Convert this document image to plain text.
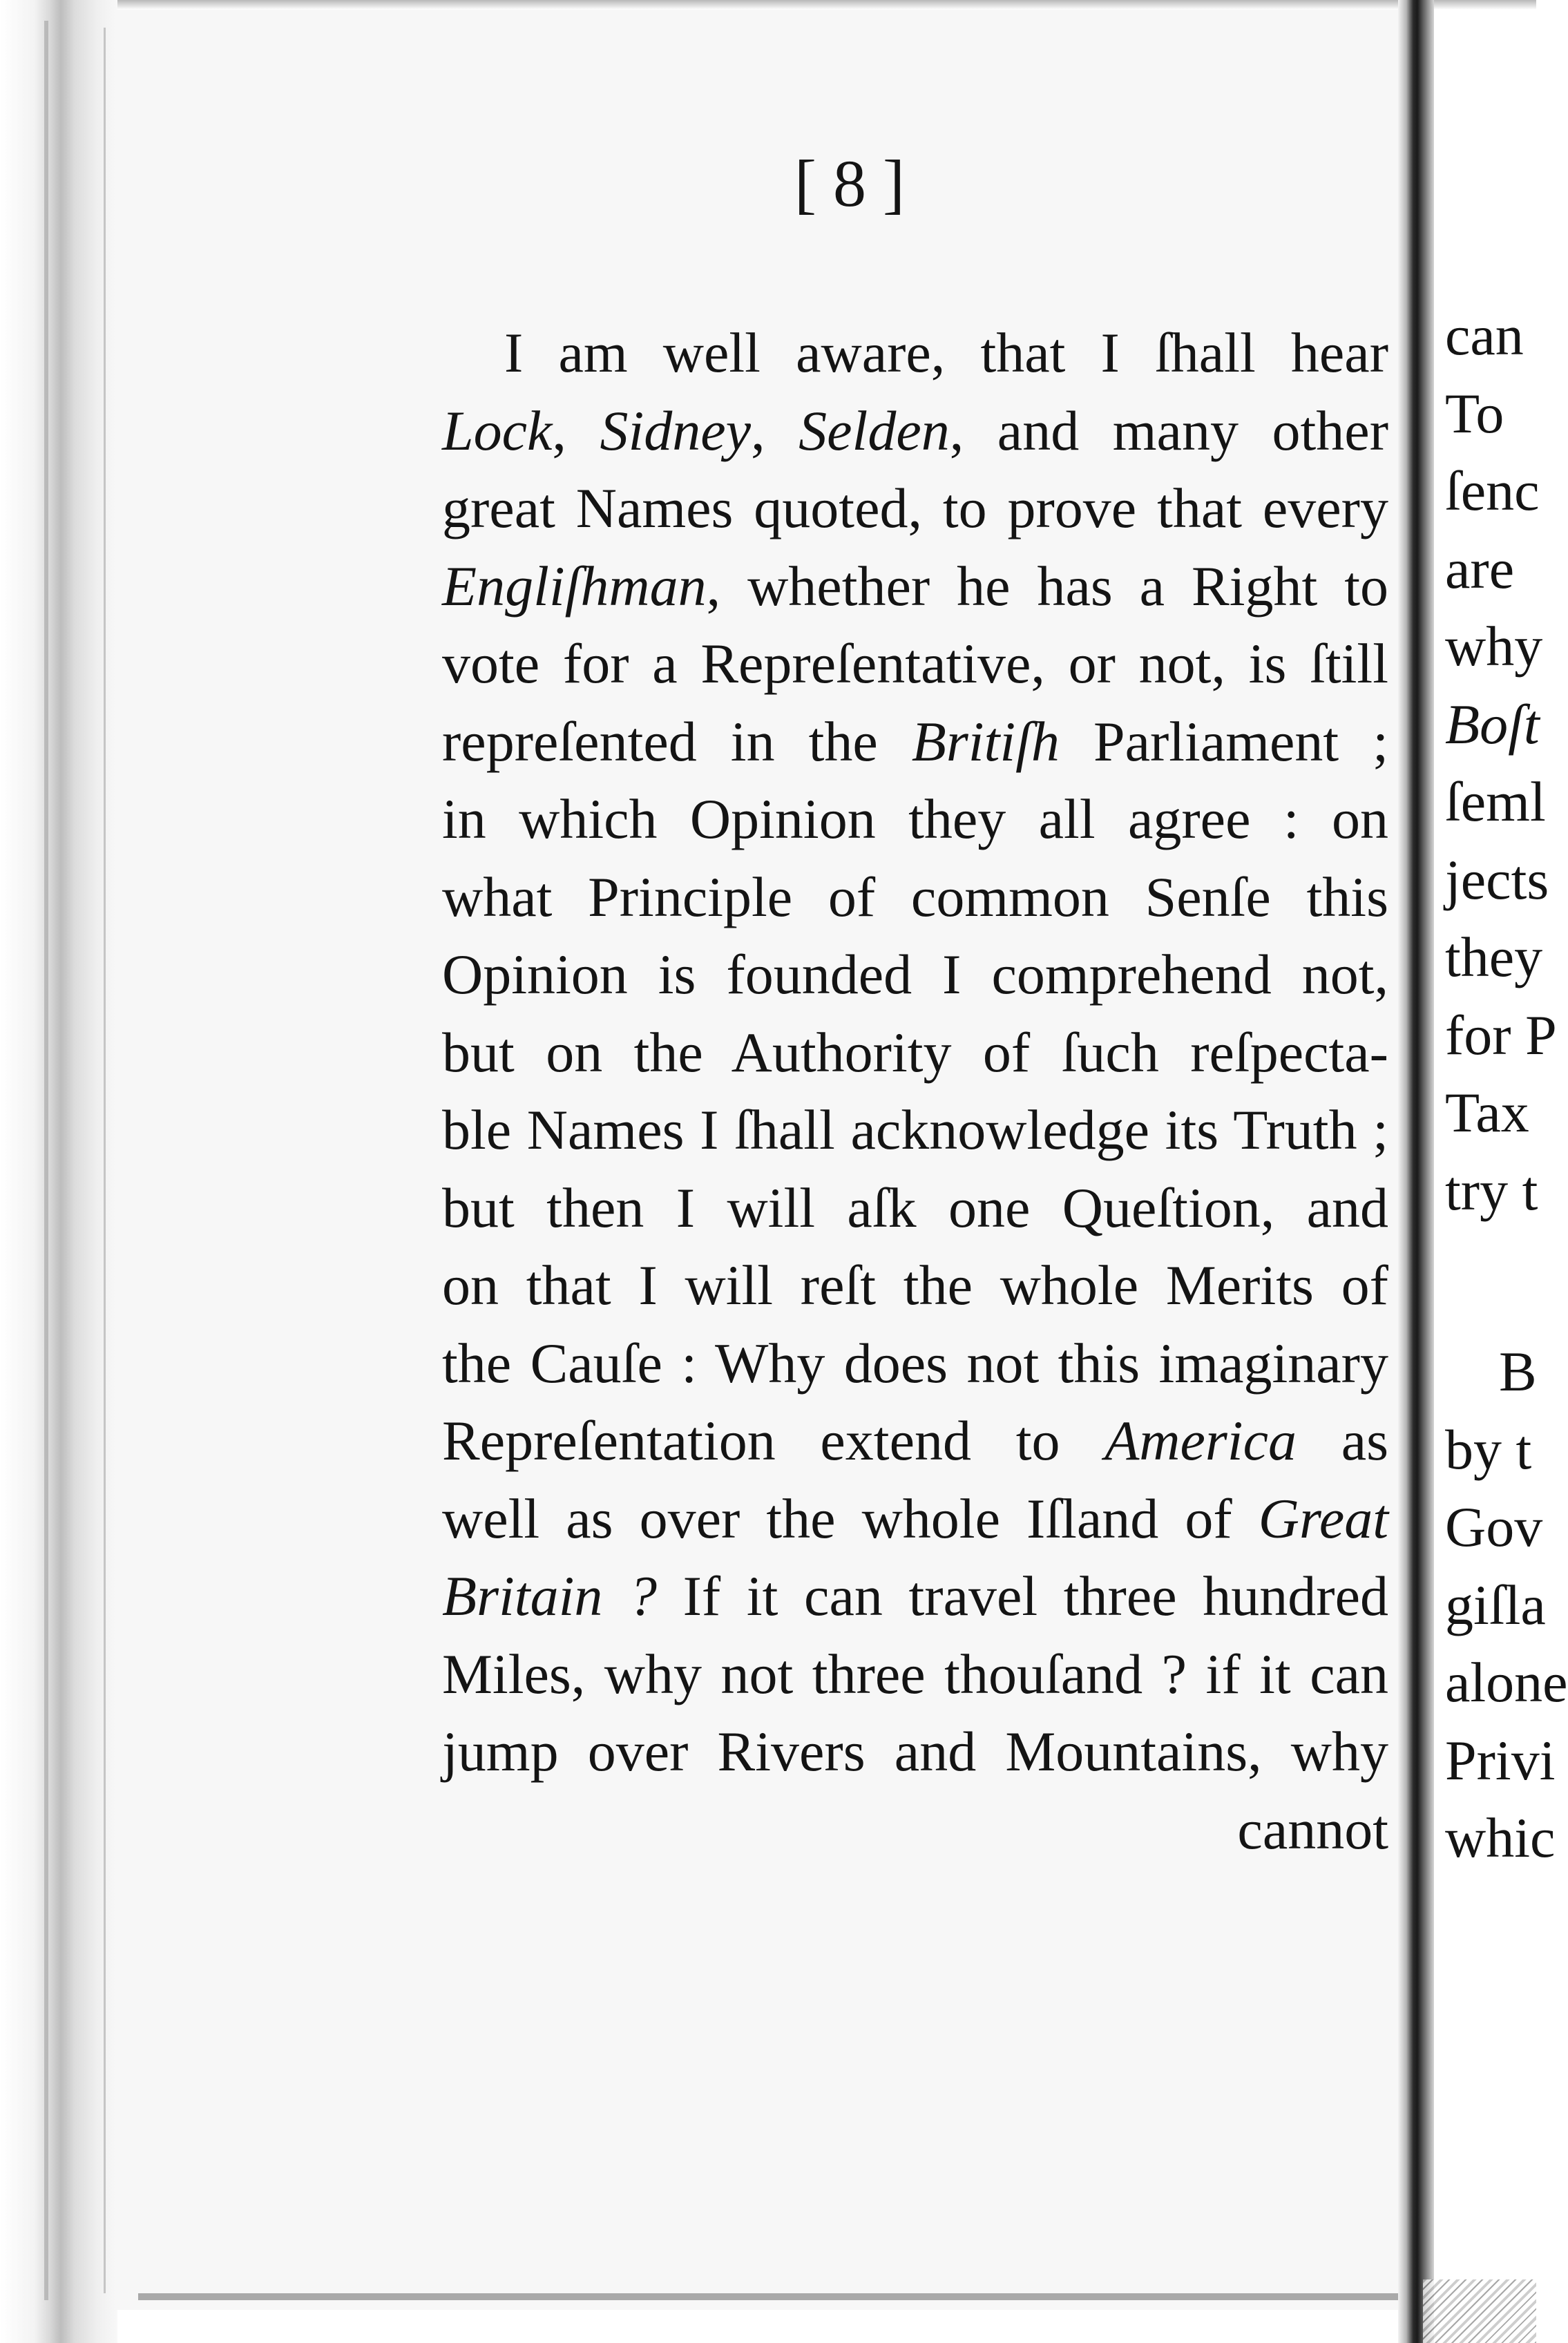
[ 8 ]
I am well aware, that I ſhall hear
Lock, Sidney, Selden, and many other
great Names quoted, to prove that every
Engliſhman, whether he has a Right to
vote for a Repreſentative, or not, is ſtill
repreſented in the Britiſh Parliament ;
in which Opinion they all agree : on
what Principle of common Senſe this
Opinion is founded I comprehend not,
but on the Authority of ſuch reſpecta-
ble Names I ſhall acknowledge its Truth ;
but then I will aſk one Queſtion, and
on that I will reſt the whole Merits of
the Cauſe : Why does not this imaginary
Repreſentation extend to America as
well as over the whole Iſland of Great
Britain ? If it can travel three hundred
Miles, why not three thouſand ? if it can
jump over Rivers and Mountains, why
cannot
can
To
ſenc
are
why
Boſt
ſeml
jects
they
for P
Tax
try t
B
by t
Gov
giſla
alone
Privi
whic
